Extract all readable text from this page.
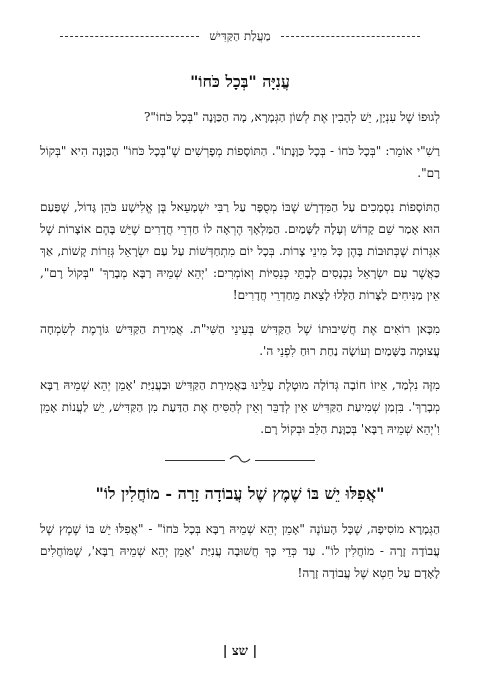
מַעֲלַת הַקַּדִּישׁ
עֲנִיָּה "בְּכָל כֹּחוֹ"

לְגוּפוֹ שֶׁל עִנְיָן, יֵשׁ לְהָבִין אֶת לְשׁוֹן הַגְּמָרָא, מָה הַכַּוָּנָה "בְּכָל כֹּחוֹ"?

רַשִׁ"י אוֹמֵר: "בְּכָל כֹּחוֹ - בְּכָל כַּוָּנָתוֹ". הַתּוֹסָפוֹת מְפָרְשִׁים שֶׁ"בְּכָל כֹּחוֹ" הַכַּוָּנָה הִיא "בְּקוֹל רָם".

הַתּוֹסָפוֹת נִסְמָכִים עַל הַמִּדְרָשׁ שֶׁבּוֹ מְסֻפָּר עַל רַבִּי יִשְׁמָעֵאל בֶּן אֱלִישָׁע כֹּהֵן גָּדוֹל, שֶׁפַּעַם הוּא אָמַר שֵׁם קָדוֹשׁ וְעָלָה לַשָּׁמַיִם. הַמַּלְאָךְ הֶרְאָה לוֹ חַדְרֵי חֲדָרִים שֶׁיֵּשׁ בָּהֶם אוֹצָרוֹת שֶׁל אִגְּרוֹת שֶׁכְּתוּבוֹת בָּהֶן כָּל מִינֵי צָרוֹת. בְּכָל יוֹם מִתְחַדְּשׁוֹת עַל עַם יִשְׂרָאֵל גְּזֵרוֹת קָשׁוֹת, אַךְ כַּאֲשֶׁר עַם יִשְׂרָאֵל נִכְנָסִים לְבָתֵּי כְּנֵסִיּוֹת וְאוֹמְרִים: 'יְהֵא שְׁמֵיהּ רַבָּא מְבָרַךְ' "בְּקוֹל רָם", אֵין מַנִּיחִים לַצָּרוֹת הַלָּלוּ לָצֵאת מֵחַדְרֵי חֲדָרִים!

מִכָּאן רוֹאִים אֶת חֲשִׁיבוּתוֹ שֶׁל הַקַּדִּישׁ בְּעֵינֵי הַשִּׁי"ת. אֲמִירַת הַקַּדִּישׁ גּוֹרֶמֶת לְשִׂמְחָה עֲצוּמָה בַּשָּׁמַיִם וְעוֹשָׂה נַחַת רוּחַ לִפְנֵי ה'.

מִזֶּה נִלְמַד, אֵיזוֹ חוֹבָה גְּדוֹלָה מוּטֶלֶת עָלֵינוּ בַּאֲמִירַת הַקַּדִּישׁ וּבַעֲנִיַּת 'אָמֵן יְהֵא שְׁמֵיהּ רַבָּא מְבָרַךְ'. בִּזְמַן שְׁמִיעַת הַקַּדִּישׁ אֵין לְדַבֵּר וְאֵין לְהַסִּיחַ אֶת הַדַּעַת מִן הַקַּדִּישׁ, יֵשׁ לַעֲנוֹת אָמֵן וִ'יְהֵא שְׁמֵיהּ רַבָּא' בְּכַוָּנַת הַלֵּב וּבְקוֹל רָם.

"אֲפִלּוּ יֵשׁ בּוֹ שֶׁמֶץ שֶׁל עֲבוֹדָה זָרָה - מוֹחֲלִין לוֹ"

הַגְּמָרָא מוֹסִיפָה, שֶׁכָּל הָעוֹנֶה "אָמֵן יְהֵא שְׁמֵיהּ רַבָּא בְּכָל כֹּחוֹ" - "אֲפִלּוּ יֵשׁ בּוֹ שֶׁמֶץ שֶׁל עֲבוֹדָה זָרָה - מוֹחֲלִין לוֹ". עַד כְּדֵי כָּךְ חֲשׁוּבָה עֲנִיַּת 'אָמֵן יְהֵא שְׁמֵיהּ רַבָּא', שֶׁמּוֹחֲלִים לָאָדָם עַל חֵטְא שֶׁל עֲבוֹדָה זָרָה!

| שצ |
